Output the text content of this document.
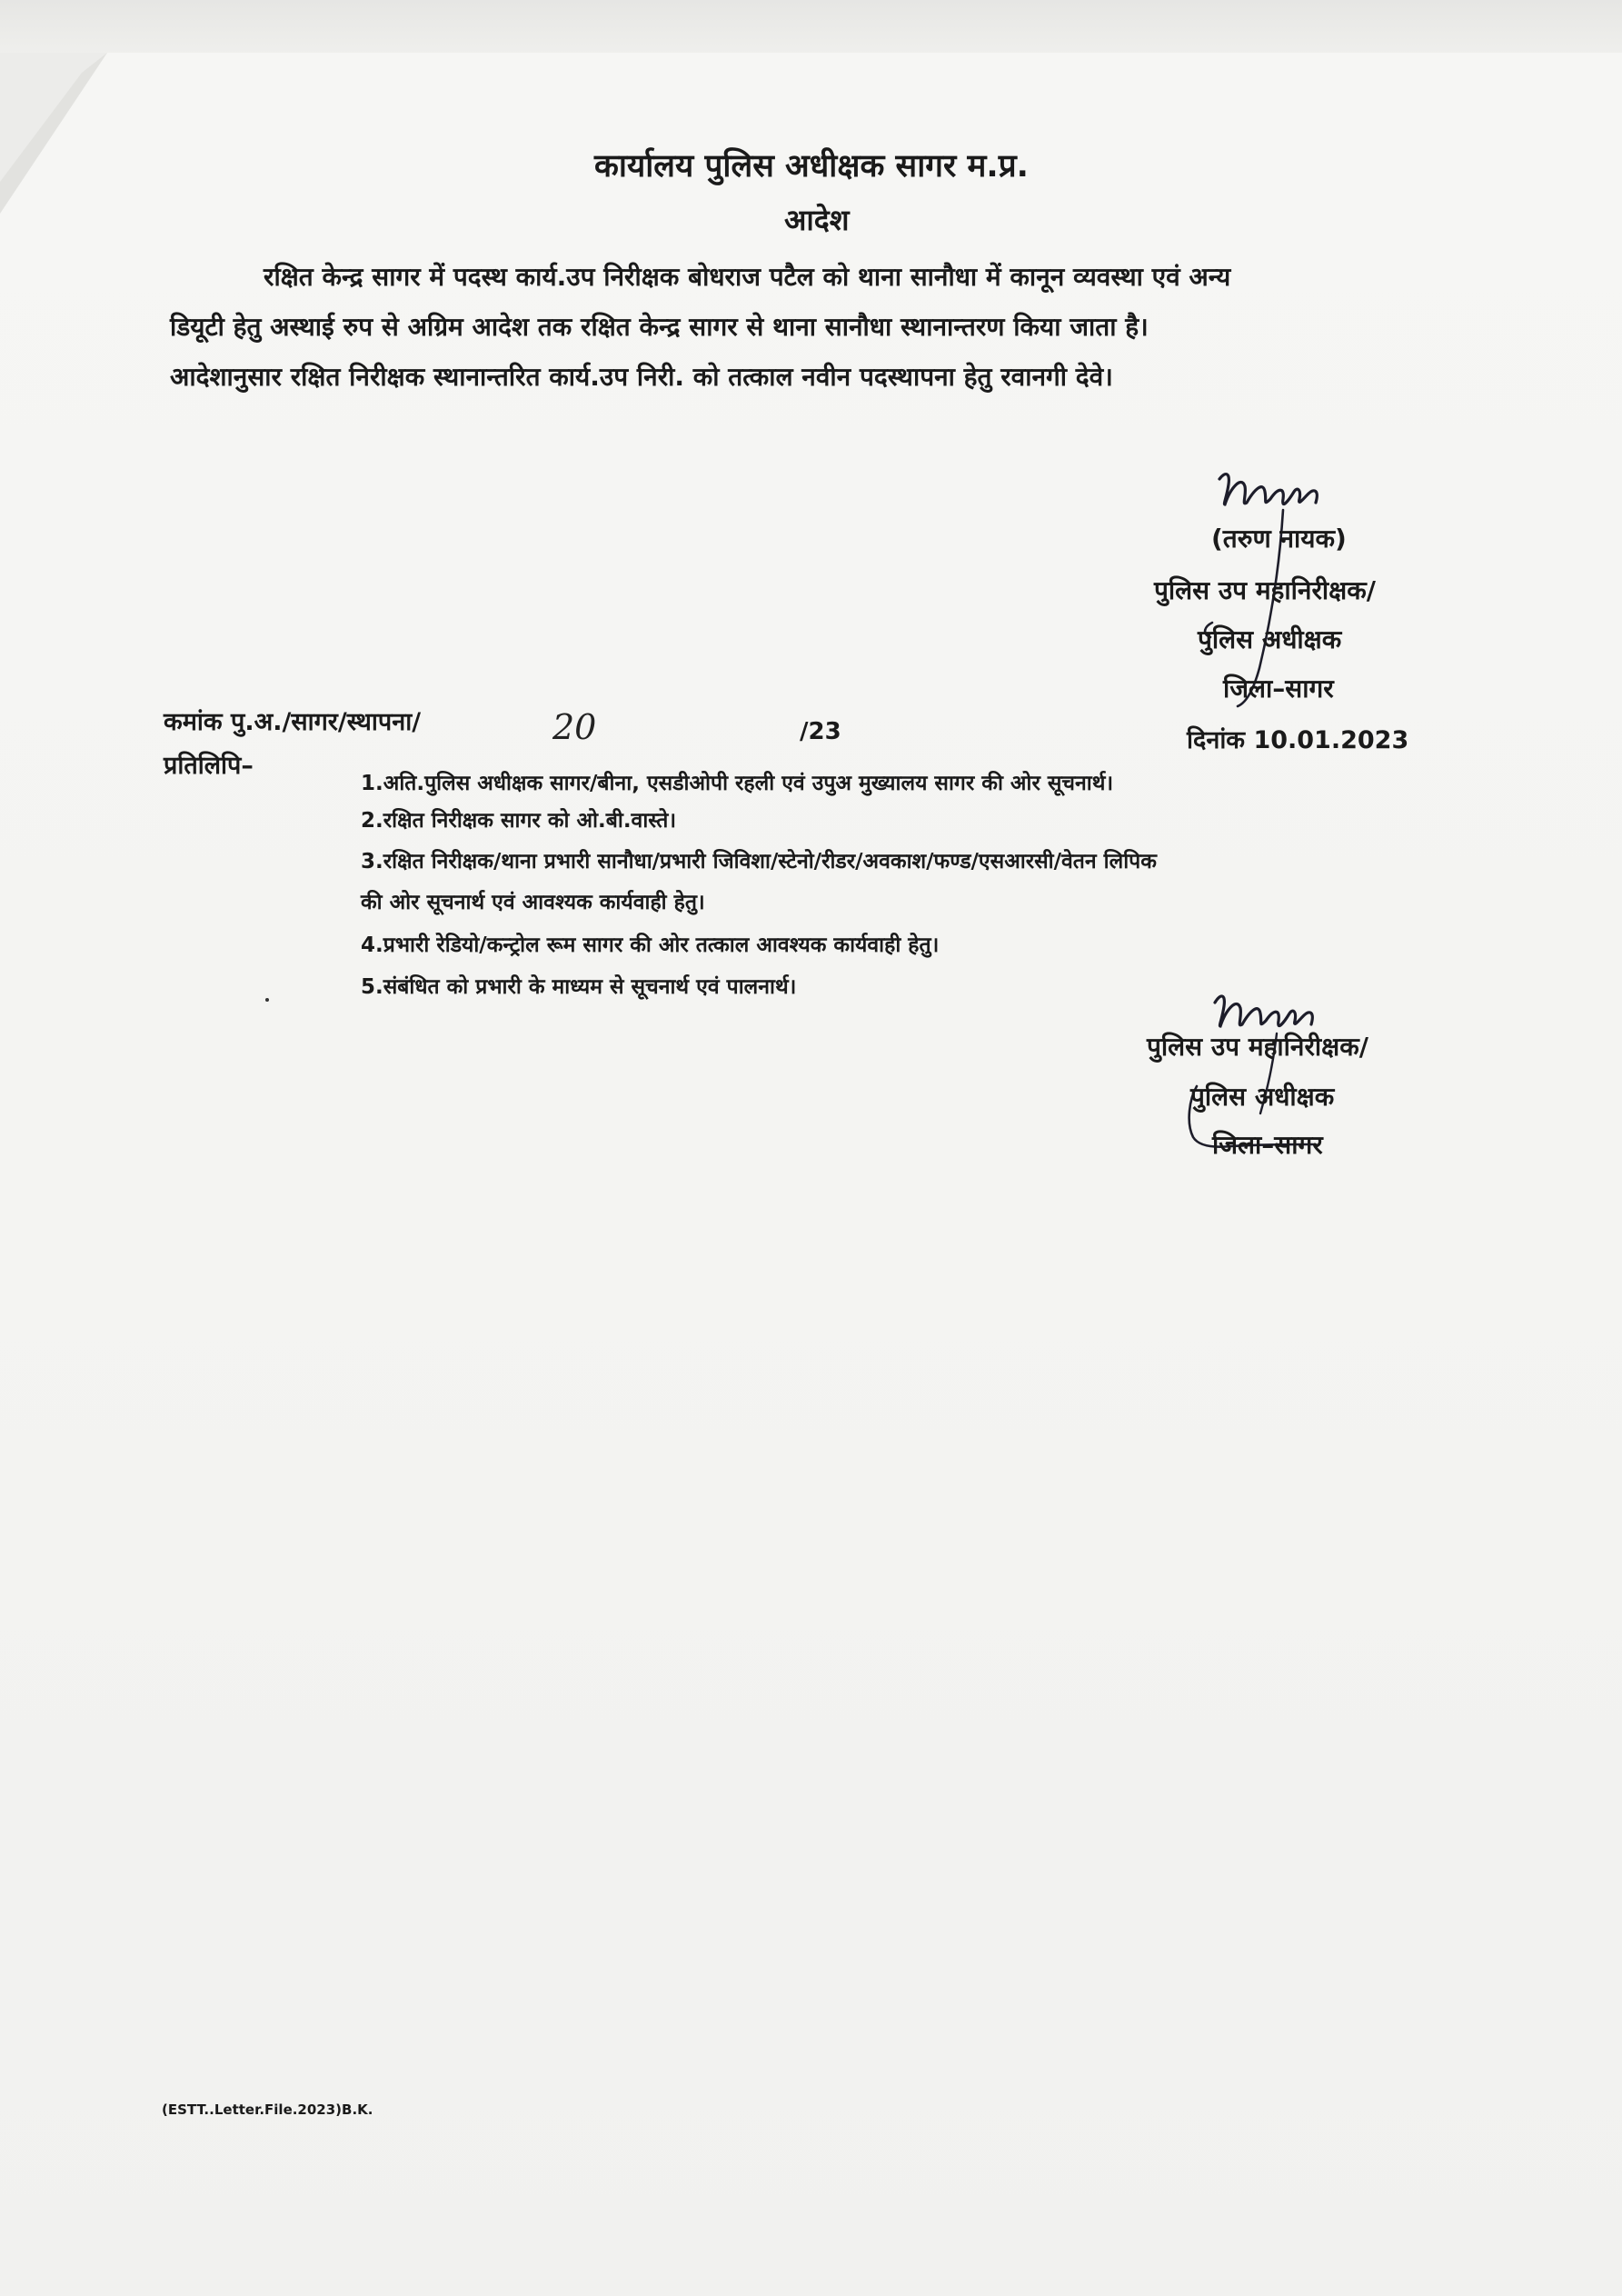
कार्यालय पुलिस अधीक्षक सागर म.प्र.
आदेश
रक्षित केन्द्र सागर में पदस्थ कार्य.उप निरीक्षक बोधराज पटैल को थाना सानौधा में कानून व्यवस्था एवं अन्य
डियूटी हेतु अस्थाई रुप से अग्रिम आदेश तक रक्षित केन्द्र सागर से थाना सानौधा स्थानान्तरण किया जाता है।
आदेशानुसार रक्षित निरीक्षक स्थानान्तरित कार्य.उप निरी. को तत्काल नवीन पदस्थापना हेतु रवानगी देवे।
(तरुण नायक)
पुलिस उप महानिरीक्षक/
पुलिस अधीक्षक
जिला–सागर
कमांक पु.अ./सागर/स्थापना/	20	/23	दिनांक 10.01.2023
प्रतिलिपि–
1.अति.पुलिस अधीक्षक सागर/बीना, एसडीओपी रहली एवं उपुअ मुख्यालय सागर की ओर सूचनार्थ।
2.रक्षित निरीक्षक सागर को ओ.बी.वास्ते।
3.रक्षित निरीक्षक/थाना प्रभारी सानौधा/प्रभारी जिविशा/स्टेनो/रीडर/अवकाश/फण्ड/एसआरसी/वेतन लिपिक
की ओर सूचनार्थ एवं आवश्यक कार्यवाही हेतु।
4.प्रभारी रेडियो/कन्ट्रोल रूम सागर की ओर तत्काल आवश्यक कार्यवाही हेतु।
5.संबंधित को प्रभारी के माध्यम से सूचनार्थ एवं पालनार्थ।
पुलिस उप महानिरीक्षक/
पुलिस अधीक्षक
जिला–सागर
(ESTT..Letter.File.2023)B.K.
